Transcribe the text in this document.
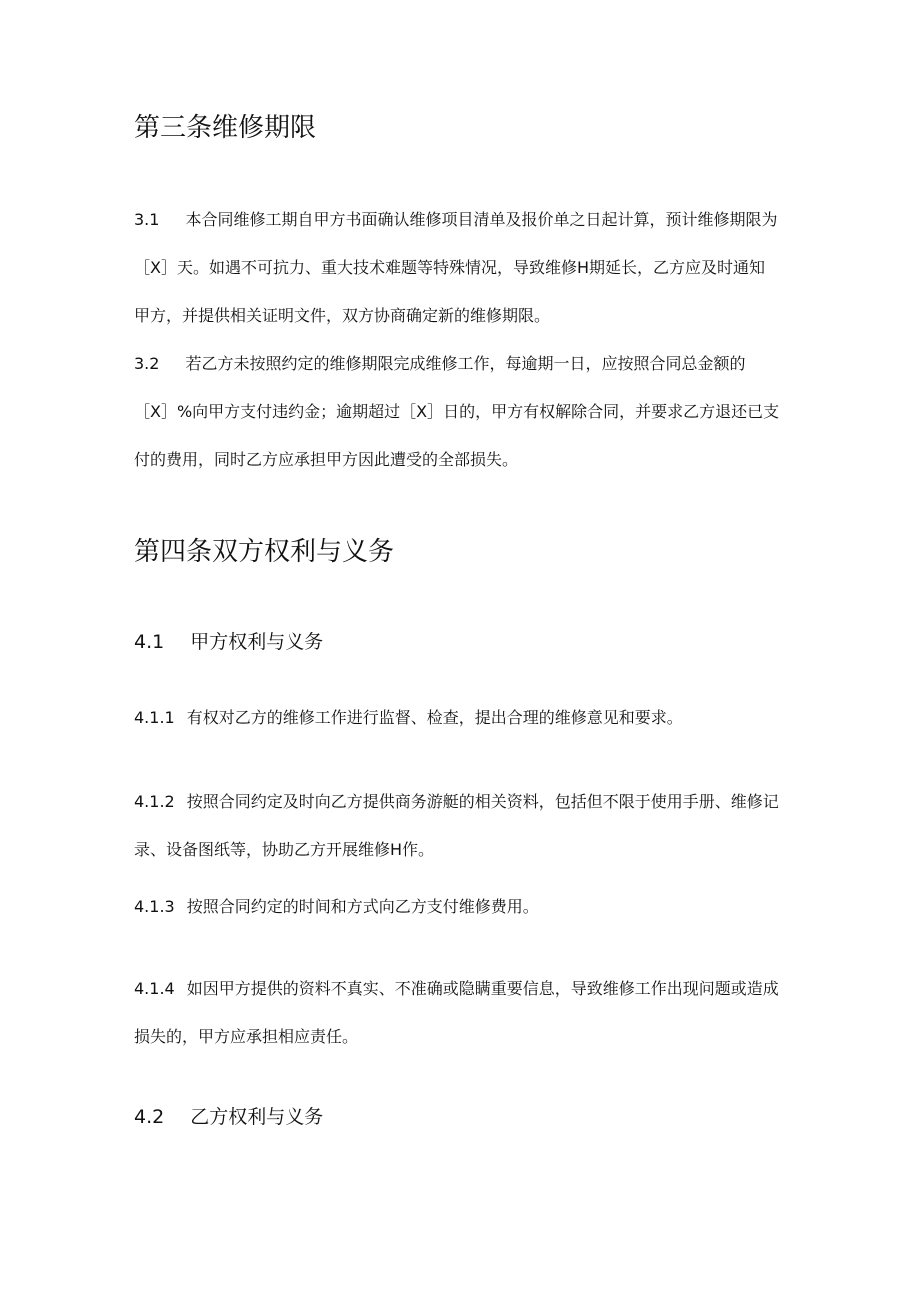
第三条维修期限

3.1 本合同维修工期自甲方书面确认维修项目清单及报价单之日起计算，预计维修期限为［X］天。如遇不可抗力、重大技术难题等特殊情况，导致维修H期延长，乙方应及时通知甲方，并提供相关证明文件，双方协商确定新的维修期限。

3.2 若乙方未按照约定的维修期限完成维修工作，每逾期一日，应按照合同总金额的［X］%向甲方支付违约金；逾期超过［X］日的，甲方有权解除合同，并要求乙方退还已支付的费用，同时乙方应承担甲方因此遭受的全部损失。

第四条双方权利与义务
4.1 甲方权利与义务

4.1.1 有权对乙方的维修工作进行监督、检查，提出合理的维修意见和要求。

4.1.2 按照合同约定及时向乙方提供商务游艇的相关资料，包括但不限于使用手册、维修记录、设备图纸等，协助乙方开展维修H作。

4.1.3 按照合同约定的时间和方式向乙方支付维修费用。

4.1.4 如因甲方提供的资料不真实、不准确或隐瞒重要信息，导致维修工作出现问题或造成损失的，甲方应承担相应责任。

4.2 乙方权利与义务
